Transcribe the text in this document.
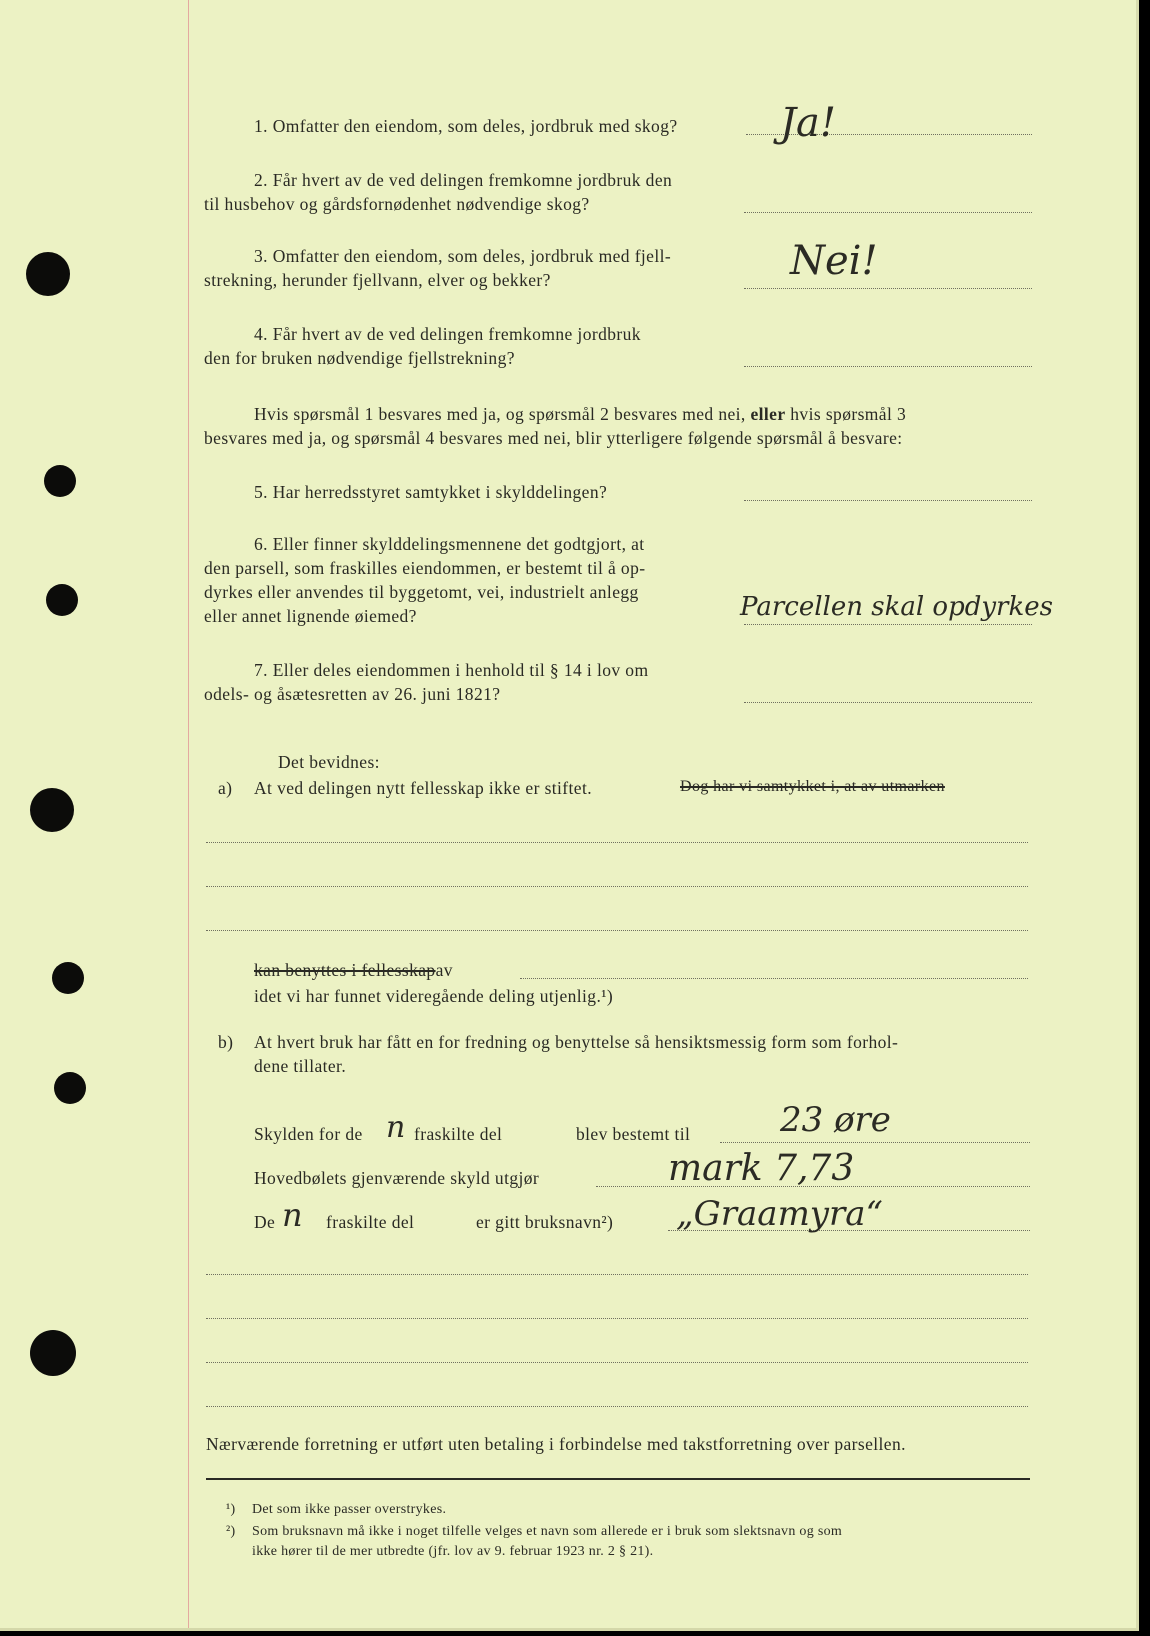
1. Omfatter den eiendom, som deles, jordbruk med skog?	Ja!
2. Får hvert av de ved delingen fremkomne jordbruk den
til husbehov og gårdsfornødenhet nødvendige skog?
3. Omfatter den eiendom, som deles, jordbruk med fjell-
strekning, herunder fjellvann, elver og bekker?	Nei!
4. Får hvert av de ved delingen fremkomne jordbruk
den for bruken nødvendige fjellstrekning?
Hvis spørsmål 1 besvares med ja, og spørsmål 2 besvares med nei, eller hvis spørsmål 3
besvares med ja, og spørsmål 4 besvares med nei, blir ytterligere følgende spørsmål å besvare:
5. Har herredsstyret samtykket i skylddelingen?
6. Eller finner skylddelingsmennene det godtgjort, at
den parsell, som fraskilles eiendommen, er bestemt til å op-
dyrkes eller anvendes til byggetomt, vei, industrielt anlegg
eller annet lignende øiemed?	Parcellen skal opdyrkes
7. Eller deles eiendommen i henhold til § 14 i lov om
odels- og åsætesretten av 26. juni 1821?
Det bevidnes:
a) At ved delingen nytt fellesskap ikke er stiftet.	Dog har vi samtykket i, at av utmarken
kan benyttes i fellesskapav
idet vi har funnet videregående deling utjenlig.¹)
b) At hvert bruk har fått en for fredning og benyttelse så hensiktsmessig form som forhol-
dene tillater.
Skylden for de n fraskilte del	blev bestemt til	23 øre
Hovedbølets gjenværende skyld utgjør	mark 7,73
De n fraskilte del	er gitt bruksnavn²) „Graamyra“
Nærværende forretning er utført uten betaling i forbindelse med takstforretning over parsellen.
¹) Det som ikke passer overstrykes.
²) Som bruksnavn må ikke i noget tilfelle velges et navn som allerede er i bruk som slektsnavn og som
ikke hører til de mer utbredte (jfr. lov av 9. februar 1923 nr. 2 § 21).
